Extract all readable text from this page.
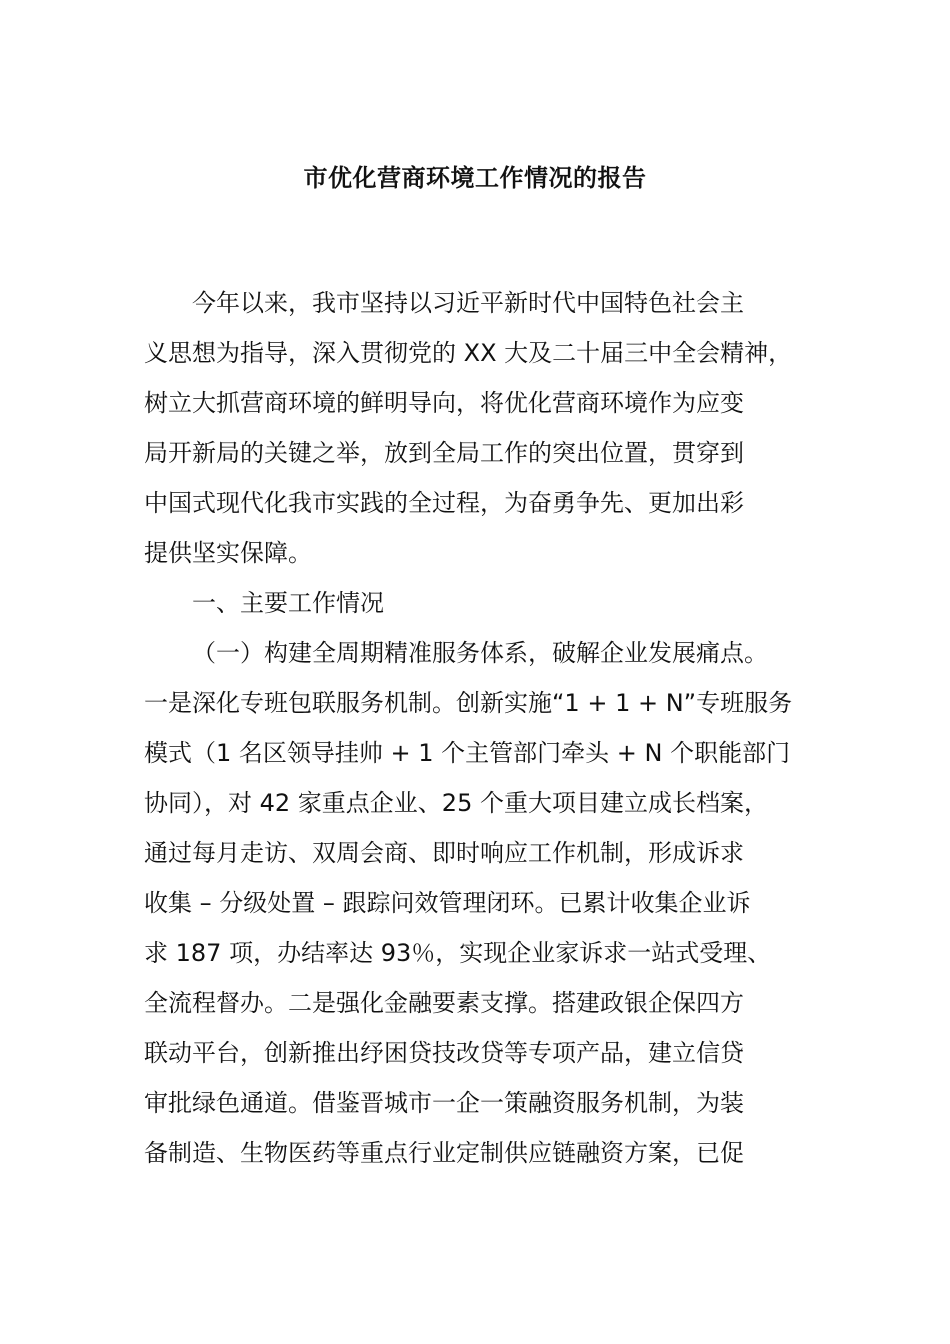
市优化营商环境工作情况的报告
今年以来，我市坚持以习近平新时代中国特色社会主
义思想为指导，深入贯彻党的 XX 大及二十届三中全会精神，
树立大抓营商环境的鲜明导向，将优化营商环境作为应变
局开新局的关键之举，放到全局工作的突出位置，贯穿到
中国式现代化我市实践的全过程，为奋勇争先、更加出彩
提供坚实保障。
一、主要工作情况
（一）构建全周期精准服务体系，破解企业发展痛点。
一是深化专班包联服务机制。创新实施“1 + 1 + N”专班服务
模式（1 名区领导挂帅 + 1 个主管部门牵头 + N 个职能部门
协同），对 42 家重点企业、25 个重大项目建立成长档案，
通过每月走访、双周会商、即时响应工作机制，形成诉求
收集 – 分级处置 – 跟踪问效管理闭环。已累计收集企业诉
求 187 项，办结率达 93％，实现企业家诉求一站式受理、
全流程督办。二是强化金融要素支撑。搭建政银企保四方
联动平台，创新推出纾困贷技改贷等专项产品，建立信贷
审批绿色通道。借鉴晋城市一企一策融资服务机制，为装
备制造、生物医药等重点行业定制供应链融资方案，已促
